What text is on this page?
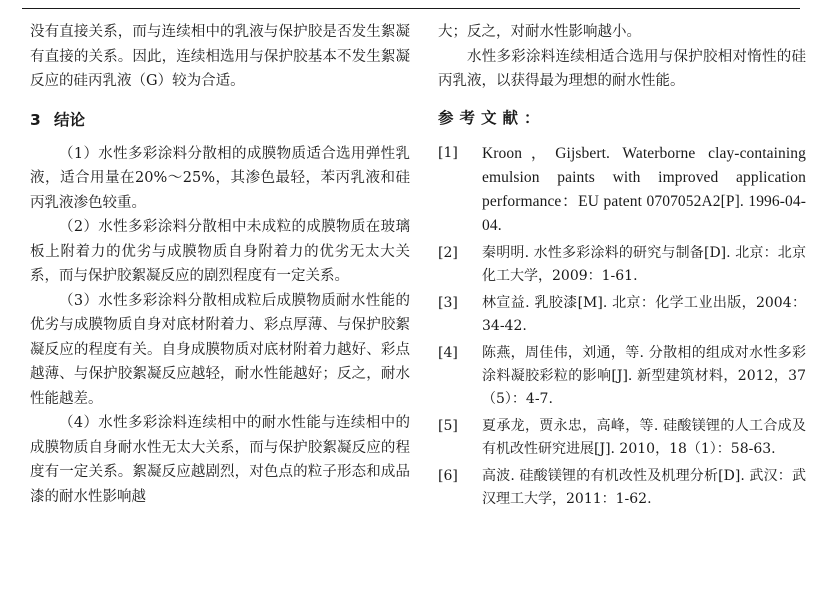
没有直接关系，而与连续相中的乳液与保护胶是否发生絮凝有直接的关系。因此，连续相选用与保护胶基本不发生絮凝反应的硅丙乳液（G）较为合适。

3 结论

（1）水性多彩涂料分散相的成膜物质适合选用弹性乳液，适合用量在20%～25%，其渗色最轻，苯丙乳液和硅丙乳液渗色较重。

（2）水性多彩涂料分散相中未成粒的成膜物质在玻璃板上附着力的优劣与成膜物质自身附着力的优劣无太大关系，而与保护胶絮凝反应的剧烈程度有一定关系。

（3）水性多彩涂料分散相成粒后成膜物质耐水性能的优劣与成膜物质自身对底材附着力、彩点厚薄、与保护胶絮凝反应的程度有关。自身成膜物质对底材附着力越好、彩点越薄、与保护胶絮凝反应越轻，耐水性能越好；反之，耐水性能越差。

（4）水性多彩涂料连续相中的耐水性能与连续相中的成膜物质自身耐水性无太大关系，而与保护胶絮凝反应的程度有一定关系。絮凝反应越剧烈，对色点的粒子形态和成品漆的耐水性影响越

大；反之，对耐水性影响越小。

水性多彩涂料连续相适合选用与保护胶相对惰性的硅丙乳液，以获得最为理想的耐水性能。

参考文献：
[1]	Kroon，Gijsbert. Waterborne clay-containing emulsion paints with improved application performance：EU patent 0707052A2[P]. 1996-04-04.
[2]	秦明明. 水性多彩涂料的研究与制备[D]. 北京：北京化工大学，2009：1-61.
[3]	林宣益. 乳胶漆[M]. 北京：化学工业出版，2004：34-42.
[4]	陈燕，周佳伟，刘通，等. 分散相的组成对水性多彩涂料凝胶彩粒的影响[J]. 新型建筑材料，2012，37（5）：4-7.
[5]	夏承龙，贾永忠，高峰，等. 硅酸镁锂的人工合成及有机改性研究进展[J]. 2010，18（1）：58-63.
[6]	高波. 硅酸镁锂的有机改性及机理分析[D]. 武汉：武汉理工大学，2011：1-62.
